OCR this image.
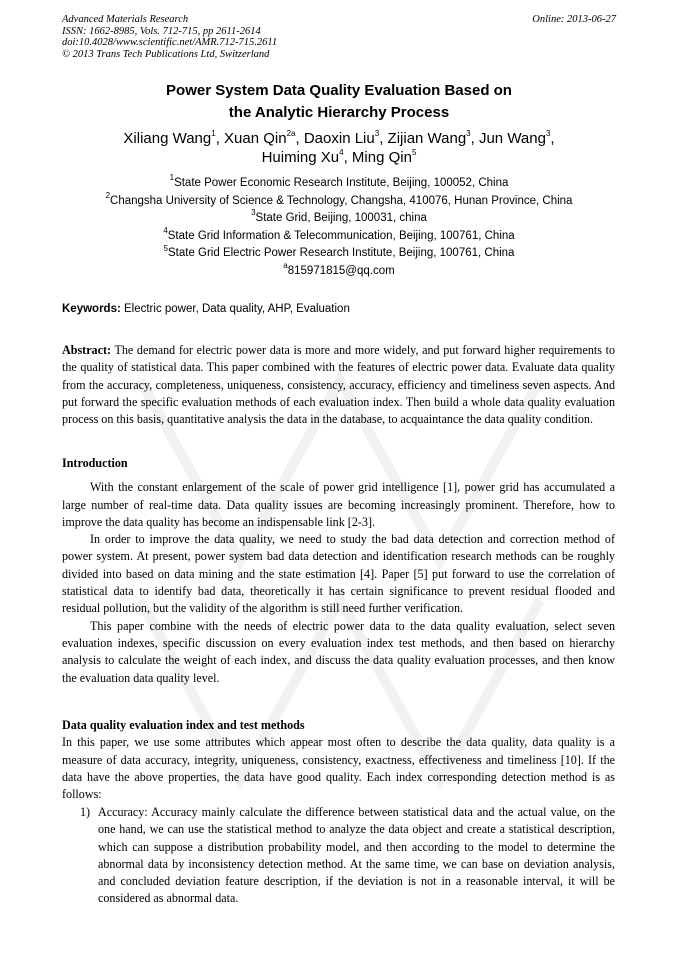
Advanced Materials Research
ISSN: 1662-8985, Vols. 712-715, pp 2611-2614
doi:10.4028/www.scientific.net/AMR.712-715.2611
© 2013 Trans Tech Publications Ltd, Switzerland
Online: 2013-06-27
Power System Data Quality Evaluation Based on
the Analytic Hierarchy Process
Xiliang Wang$^1$, Xuan Qin$^{2a}$, Daoxin Liu$^3$, Zijian Wang$^3$, Jun Wang$^3$,
Huiming Xu$^4$, Ming Qin$^5$
$^1$State Power Economic Research Institute, Beijing, 100052, China
$^2$Changsha University of Science & Technology, Changsha, 410076, Hunan Province, China
$^3$State Grid, Beijing, 100031, china
$^4$State Grid Information & Telecommunication, Beijing, 100761, China
$^5$State Grid Electric Power Research Institute, Beijing, 100761, China
$^a$815971815@qq.com
Keywords: Electric power, Data quality, AHP, Evaluation

Abstract: The demand for electric power data is more and more widely, and put forward higher requirements to the quality of statistical data. This paper combined with the features of electric power data. Evaluate data quality from the accuracy, completeness, uniqueness, consistency, accuracy, efficiency and timeliness seven aspects. And put forward the specific evaluation methods of each evaluation index. Then build a whole data quality evaluation process on this basis, quantitative analysis the data in the database, to acquaintance the data quality condition.

Introduction

With the constant enlargement of the scale of power grid intelligence [1], power grid has accumulated a large number of real-time data. Data quality issues are becoming increasingly prominent. Therefore, how to improve the data quality has become an indispensable link [2-3].

In order to improve the data quality, we need to study the bad data detection and correction method of power system. At present, power system bad data detection and identification research methods can be roughly divided into based on data mining and the state estimation [4]. Paper [5] put forward to use the correlation of statistical data to identify bad data, theoretically it has certain significance to prevent residual flooded and residual pollution, but the validity of the algorithm is still need further verification.

This paper combine with the needs of electric power data to the data quality evaluation, select seven evaluation indexes, specific discussion on every evaluation index test methods, and then based on hierarchy analysis to calculate the weight of each index, and discuss the data quality evaluation processes, and then know the evaluation data quality level.

Data quality evaluation index and test methods

In this paper, we use some attributes which appear most often to describe the data quality, data quality is a measure of data accuracy, integrity, uniqueness, consistency, exactness, effectiveness and timeliness [10]. If the data have the above properties, the data have good quality. Each index corresponding detection method is as follows:

1) Accuracy: Accuracy mainly calculate the difference between statistical data and the actual value, on the one hand, we can use the statistical method to analyze the data object and create a statistical description, which can suppose a distribution probability model, and then according to the model to determine the abnormal data by inconsistency detection method. At the same time, we can base on deviation analysis, and concluded deviation feature description, if the deviation is not in a reasonable interval, it will be considered as abnormal data.
